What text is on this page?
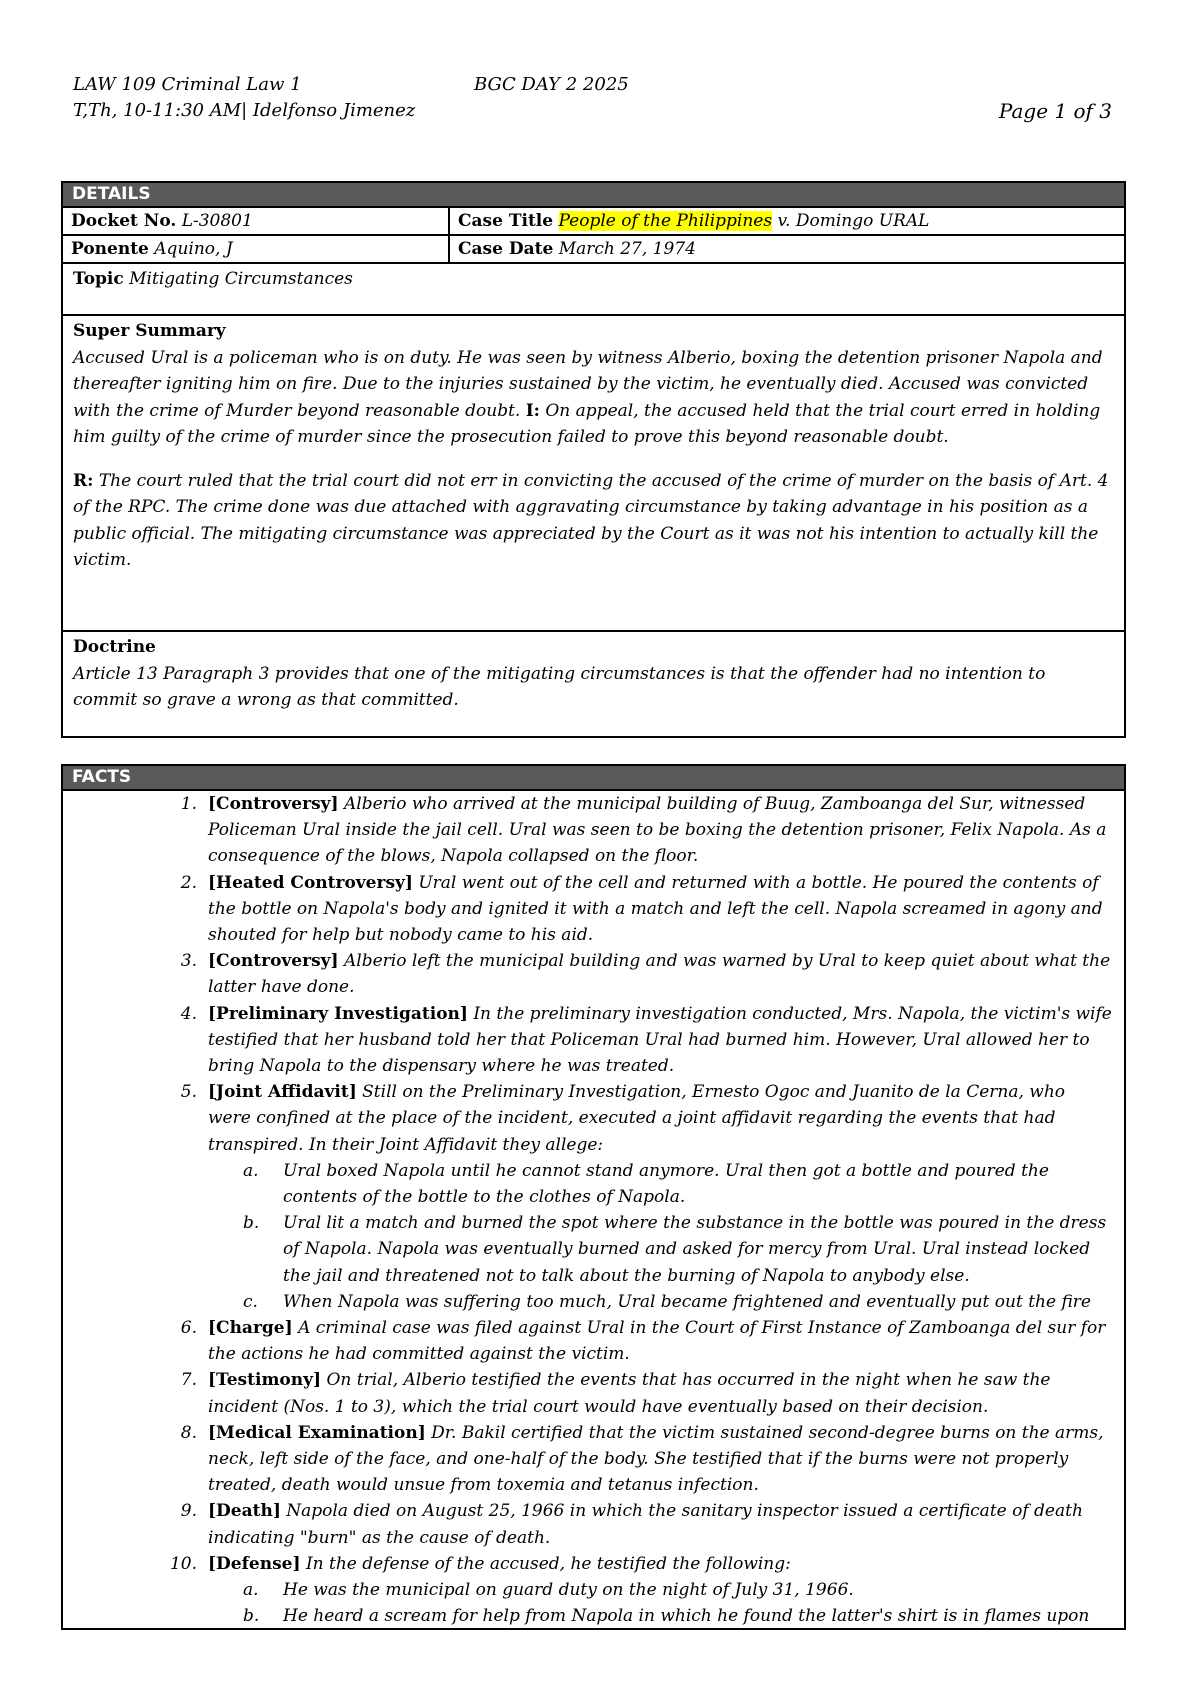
LAW 109 Criminal Law 1
T,Th, 10-11:30 AM| Idelfonso Jimenez
BGC DAY 2 2025
Page 1 of 3
DETAILS
Docket No. L-30801	Case Title People of the Philippines v. Domingo URAL
Ponente Aquino, J	Case Date March 27, 1974
Topic Mitigating Circumstances
Super Summary
Accused Ural is a policeman who is on duty. He was seen by witness Alberio, boxing the detention prisoner Napola and thereafter igniting him on fire. Due to the injuries sustained by the victim, he eventually died. Accused was convicted with the crime of Murder beyond reasonable doubt. I: On appeal, the accused held that the trial court erred in holding him guilty of the crime of murder since the prosecution failed to prove this beyond reasonable doubt.
R: The court ruled that the trial court did not err in convicting the accused of the crime of murder on the basis of Art. 4 of the RPC. The crime done was due attached with aggravating circumstance by taking advantage in his position as a public official. The mitigating circumstance was appreciated by the Court as it was not his intention to actually kill the victim.
Doctrine
Article 13 Paragraph 3 provides that one of the mitigating circumstances is that the offender had no intention to commit so grave a wrong as that committed.
FACTS
1. [Controversy] Alberio who arrived at the municipal building of Buug, Zamboanga del Sur, witnessed Policeman Ural inside the jail cell. Ural was seen to be boxing the detention prisoner, Felix Napola. As a consequence of the blows, Napola collapsed on the floor.
2. [Heated Controversy] Ural went out of the cell and returned with a bottle. He poured the contents of the bottle on Napola's body and ignited it with a match and left the cell. Napola screamed in agony and shouted for help but nobody came to his aid.
3. [Controversy] Alberio left the municipal building and was warned by Ural to keep quiet about what the latter have done.
4. [Preliminary Investigation] In the preliminary investigation conducted, Mrs. Napola, the victim's wife testified that her husband told her that Policeman Ural had burned him. However, Ural allowed her to bring Napola to the dispensary where he was treated.
5. [Joint Affidavit] Still on the Preliminary Investigation, Ernesto Ogoc and Juanito de la Cerna, who were confined at the place of the incident, executed a joint affidavit regarding the events that had transpired. In their Joint Affidavit they allege:
a. Ural boxed Napola until he cannot stand anymore. Ural then got a bottle and poured the contents of the bottle to the clothes of Napola.
b. Ural lit a match and burned the spot where the substance in the bottle was poured in the dress of Napola. Napola was eventually burned and asked for mercy from Ural. Ural instead locked the jail and threatened not to talk about the burning of Napola to anybody else.
c. When Napola was suffering too much, Ural became frightened and eventually put out the fire
6. [Charge] A criminal case was filed against Ural in the Court of First Instance of Zamboanga del sur for the actions he had committed against the victim.
7. [Testimony] On trial, Alberio testified the events that has occurred in the night when he saw the incident (Nos. 1 to 3), which the trial court would have eventually based on their decision.
8. [Medical Examination] Dr. Bakil certified that the victim sustained second-degree burns on the arms, neck, left side of the face, and one-half of the body. She testified that if the burns were not properly treated, death would unsue from toxemia and tetanus infection.
9. [Death] Napola died on August 25, 1966 in which the sanitary inspector issued a certificate of death indicating "burn" as the cause of death.
10. [Defense] In the defense of the accused, he testified the following:
a. He was the municipal on guard duty on the night of July 31, 1966.
b. He heard a scream for help from Napola in which he found the latter's shirt is in flames upon
